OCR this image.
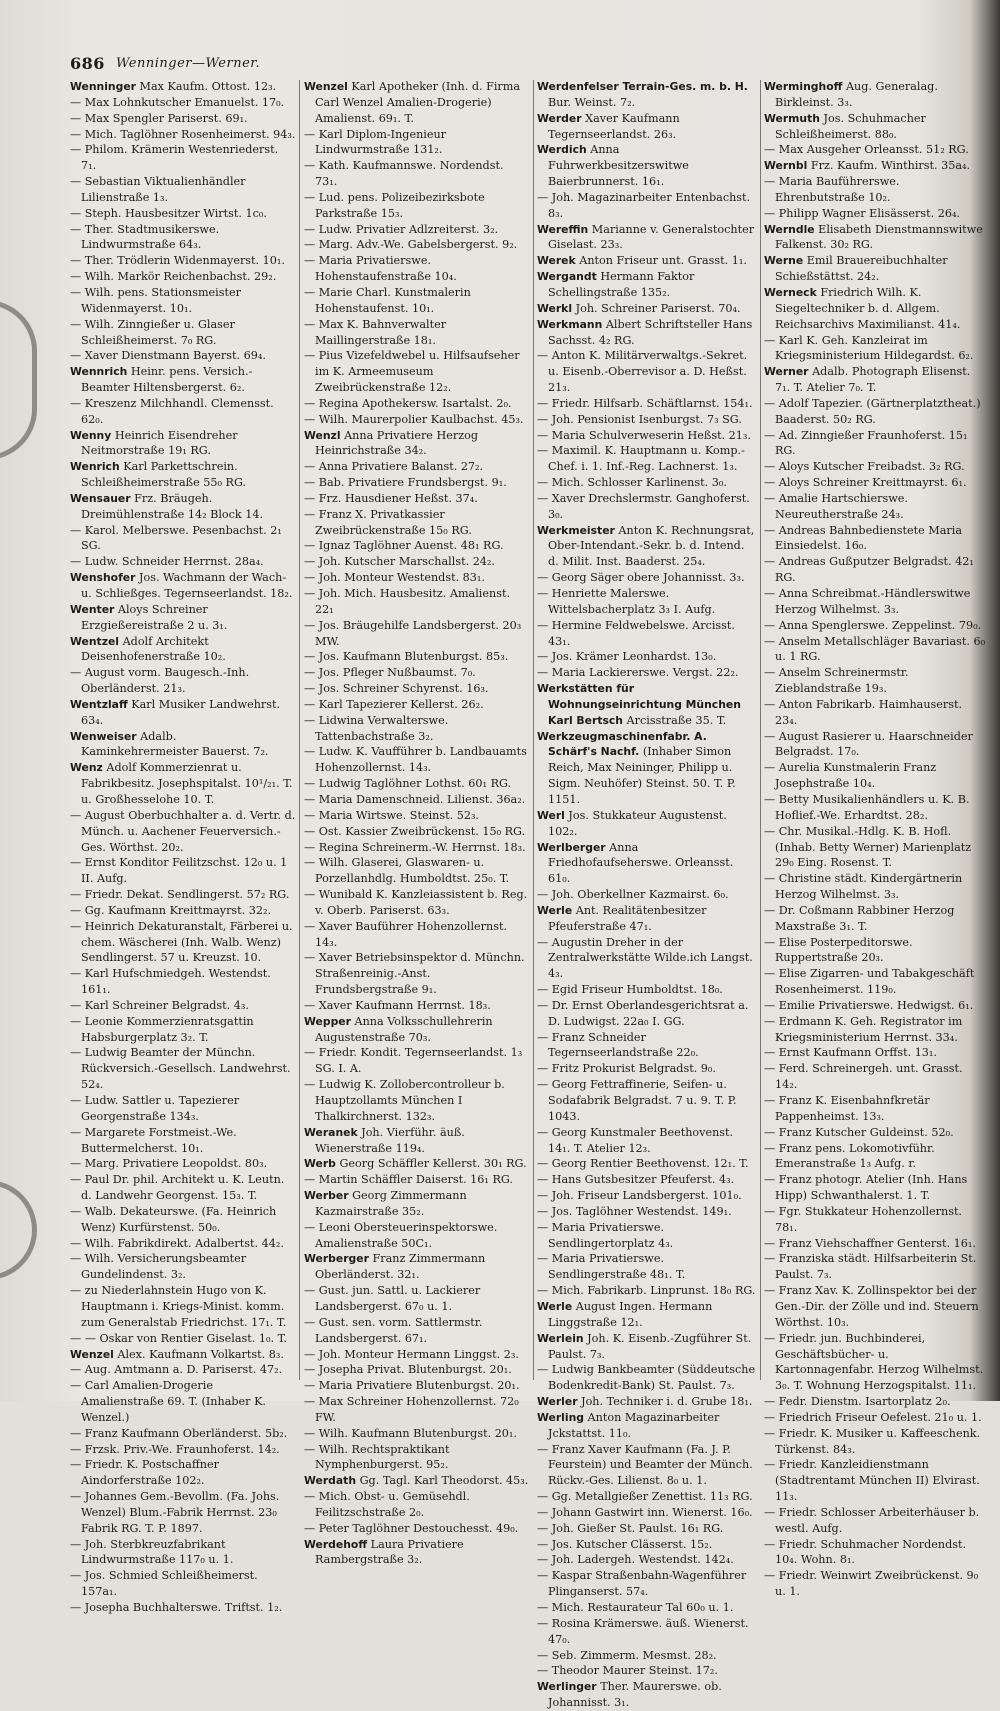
686 Wenninger—Werner.

Wenninger Max Kaufm. Ottost. 12₃.

— Max Lohnkutscher Emanuelst. 17₀.

— Max Spengler Pariserst. 69₁.

— Mich. Taglöhner Rosenheimerst. 94₃.

— Philom. Krämerin Westenriederst. 7₁.

— Sebastian Viktualienhändler Lilienstraße 1₃.

— Steph. Hausbesitzer Wirtst. 1c₀.

— Ther. Stadtmusikerswe. Lindwurmstraße 64₃.

— Ther. Trödlerin Widenmayerst. 10₁.

— Wilh. Markör Reichenbachst. 29₂.

— Wilh. pens. Stationsmeister Widenmayerst. 10₁.

— Wilh. Zinngießer u. Glaser Schleißheimerst. 7₀ RG.

— Xaver Dienstmann Bayerst. 69₄.

Wennrich Heinr. pens. Versich.-Beamter Hiltensbergerst. 6₂.

— Kreszenz Milchhandl. Clemensst. 62₀.

Wenny Heinrich Eisendreher Neitmorstraße 19₁ RG.

Wenrich Karl Parkettschrein. Schleißheimerstraße 55₀ RG.

Wensauer Frz. Bräugeh. Dreimühlenstraße 14₂ Block 14.

— Karol. Melberswe. Pesenbachst. 2₁ SG.

— Ludw. Schneider Herrnst. 28a₄.

Wenshofer Jos. Wachmann der Wach- u. Schließges. Tegernseerlandst. 18₂.

Wenter Aloys Schreiner Erzgießereistraße 2 u. 3₁.

Wentzel Adolf Architekt Deisenhofenerstraße 10₂.

— August vorm. Baugesch.-Inh. Oberländerst. 21₃.

Wentzlaff Karl Musiker Landwehrst. 63₄.

Wenweiser Adalb. Kaminkehrermeister Bauerst. 7₂.

Wenz Adolf Kommerzienrat u. Fabrikbesitz. Josephspitalst. 10¹/₂₁. T. u. Großhesselohe 10. T.

— August Oberbuchhalter a. d. Vertr. d. Münch. u. Aachener Feuerversich.-Ges. Wörthst. 20₂.

— Ernst Konditor Feilitzschst. 12₀ u. 1 II. Aufg.

— Friedr. Dekat. Sendlingerst. 57₂ RG.

— Gg. Kaufmann Kreittmayrst. 32₂.

— Heinrich Dekaturanstalt, Färberei u. chem. Wäscherei (Inh. Walb. Wenz) Sendlingerst. 57 u. Kreuzst. 10.

— Karl Hufschmiedgeh. Westendst. 161₁.

— Karl Schreiner Belgradst. 4₃.

— Leonie Kommerzienratsgattin Habsburgerplatz 3₂. T.

— Ludwig Beamter der Münchn. Rückversich.-Gesellsch. Landwehrst. 52₄.

— Ludw. Sattler u. Tapezierer Georgenstraße 134₃.

— Margarete Forstmeist.-We. Buttermelcherst. 10₁.

— Marg. Privatiere Leopoldst. 80₃.

— Paul Dr. phil. Architekt u. K. Leutn. d. Landwehr Georgenst. 15₃. T.

— Walb. Dekateurswe. (Fa. Heinrich Wenz) Kurfürstenst. 50₀.

— Wilh. Fabrikdirekt. Adalbertst. 44₂.

— Wilh. Versicherungsbeamter Gundelindenst. 3₂.

— zu Niederlahnstein Hugo von K. Hauptmann i. Kriegs-Minist. komm. zum Generalstab Friedrichst. 17₁. T.

— — Oskar von Rentier Giselast. 1₀. T.

Wenzel Alex. Kaufmann Volkartst. 8₃.

— Aug. Amtmann a. D. Pariserst. 47₂.

— Carl Amalien-Drogerie Amalienstraße 69. T. (Inhaber K. Wenzel.)

— Franz Kaufmann Oberländerst. 5b₂.

— Frzsk. Priv.-We. Fraunhoferst. 14₂.

— Friedr. K. Postschaffner Aindorferstraße 102₂.

— Johannes Gem.-Bevollm. (Fa. Johs. Wenzel) Blum.-Fabrik Herrnst. 23₀ Fabrik RG. T. P. 1897.

— Joh. Sterbkreuzfabrikant Lindwurmstraße 117₀ u. 1.

— Jos. Schmied Schleißheimerst. 157a₁.

— Josepha Buchhalterswe. Triftst. 1₂.

Wenzel Karl Apotheker (Inh. d. Firma Carl Wenzel Amalien-Drogerie) Amalienst. 69₁. T.

— Karl Diplom-Ingenieur Lindwurmstraße 131₂.

— Kath. Kaufmannswe. Nordendst. 73₁.

— Lud. pens. Polizeibezirksbote Parkstraße 15₃.

— Ludw. Privatier Adlzreiterst. 3₂.

— Marg. Adv.-We. Gabelsbergerst. 9₂.

— Maria Privatierswe. Hohenstaufenstraße 10₄.

— Marie Charl. Kunstmalerin Hohenstaufenst. 10₁.

— Max K. Bahnverwalter Maillingerstraße 18₁.

— Pius Vizefeldwebel u. Hilfsaufseher im K. Armeemuseum Zweibrückenstraße 12₂.

— Regina Apothekersw. Isartalst. 2₀.

— Wilh. Maurerpolier Kaulbachst. 45₃.

Wenzl Anna Privatiere Herzog Heinrichstraße 34₂.

— Anna Privatiere Balanst. 27₂.

— Bab. Privatiere Frundsbergst. 9₁.

— Frz. Hausdiener Heßst. 37₄.

— Franz X. Privatkassier Zweibrückenstraße 15₀ RG.

— Ignaz Taglöhner Auenst. 48₁ RG.

— Joh. Kutscher Marschallst. 24₂.

— Joh. Monteur Westendst. 83₁.

— Joh. Mich. Hausbesitz. Amalienst. 22₁

— Jos. Bräugehilfe Landsbergerst. 20₃ MW.

— Jos. Kaufmann Blutenburgst. 85₃.

— Jos. Pfleger Nußbaumst. 7₀.

— Jos. Schreiner Schyrenst. 16₃.

— Karl Tapezierer Kellerst. 26₂.

— Lidwina Verwalterswe. Tattenbachstraße 3₂.

— Ludw. K. Vaufführer b. Landbauamts Hohenzollernst. 14₃.

— Ludwig Taglöhner Lothst. 60₁ RG.

— Maria Damenschneid. Lilienst. 36a₂.

— Maria Wirtswe. Steinst. 52₃.

— Ost. Kassier Zweibrückenst. 15₀ RG.

— Regina Schreinerm.-W. Herrnst. 18₃.

— Wilh. Glaserei, Glaswaren- u. Porzellanhdlg. Humboldtst. 25₀. T.

— Wunibald K. Kanzleiassistent b. Reg. v. Oberb. Pariserst. 63₃.

— Xaver Bauführer Hohenzollernst. 14₃.

— Xaver Betriebsinspektor d. Münchn. Straßenreinig.-Anst. Frundsbergstraße 9₁.

— Xaver Kaufmann Herrnst. 18₃.

Wepper Anna Volksschullehrerin Augustenstraße 70₃.

— Friedr. Kondit. Tegernseerlandst. 1₃ SG. I. A.

— Ludwig K. Zollobercontrolleur b. Hauptzollamts München I Thalkirchnerst. 132₃.

Weranek Joh. Vierführ. äuß. Wienerstraße 119₄.

Werb Georg Schäffler Kellerst. 30₁ RG.

— Martin Schäffler Daiserst. 16₁ RG.

Werber Georg Zimmermann Kazmairstraße 35₂.

— Leoni Obersteuerinspektorswe. Amalienstraße 50C₁.

Werberger Franz Zimmermann Oberländerst. 32₁.

— Gust. jun. Sattl. u. Lackierer Landsbergerst. 67₀ u. 1.

— Gust. sen. vorm. Sattlermstr. Landsbergerst. 67₁.

— Joh. Monteur Hermann Linggst. 2₃.

— Josepha Privat. Blutenburgst. 20₁.

— Maria Privatiere Blutenburgst. 20₁.

— Max Schreiner Hohenzollernst. 72₀ FW.

— Wilh. Kaufmann Blutenburgst. 20₁.

— Wilh. Rechtspraktikant Nymphenburgerst. 95₂.

Werdath Gg. Tagl. Karl Theodorst. 45₃.

— Mich. Obst- u. Gemüsehdl. Feilitzschstraße 2₀.

— Peter Taglöhner Destouchesst. 49₀.

Werdehoff Laura Privatiere Rambergstraße 3₂.

Werdenfelser Terrain-Ges. m. b. H. Bur. Weinst. 7₂.

Werder Xaver Kaufmann Tegernseerlandst. 26₃.

Werdich Anna Fuhrwerkbesitzerswitwe Baierbrunnerst. 16₁.

— Joh. Magazinarbeiter Entenbachst. 8₃.

Wereffin Marianne v. Generalstochter Giselast. 23₃.

Werek Anton Friseur unt. Grasst. 1₁.

Wergandt Hermann Faktor Schellingstraße 135₂.

Werkl Joh. Schreiner Pariserst. 70₄.

Werkmann Albert Schriftsteller Hans Sachsst. 4₂ RG.

— Anton K. Militärverwaltgs.-Sekret. u. Eisenb.-Oberrevisor a. D. Heßst. 21₃.

— Friedr. Hilfsarb. Schäftlarnst. 154₁.

— Joh. Pensionist Isenburgst. 7₃ SG.

— Maria Schulverweserin Heßst. 21₃.

— Maximil. K. Hauptmann u. Komp.-Chef. i. 1. Inf.-Reg. Lachnerst. 1₃.

— Mich. Schlosser Karlinenst. 3₀.

— Xaver Drechslermstr. Ganghoferst. 3₀.

Werkmeister Anton K. Rechnungsrat, Ober-Intendant.-Sekr. b. d. Intend. d. Milit. Inst. Baaderst. 25₄.

— Georg Säger obere Johannisst. 3₃.

— Henriette Malerswe. Wittelsbacherplatz 3₃ I. Aufg.

— Hermine Feldwebelswe. Arcisst. 43₁.

— Jos. Krämer Leonhardst. 13₀.

— Maria Lackiererswe. Vergst. 22₂.

Werkstätten für Wohnungseinrichtung München Karl Bertsch Arcisstraße 35. T.

Werkzeugmaschinenfabr. A. Schärf's Nachf. (Inhaber Simon Reich, Max Neininger, Philipp u. Sigm. Neuhöfer) Steinst. 50. T. P. 1151.

Werl Jos. Stukkateur Augustenst. 102₂.

Werlberger Anna Friedhofaufseherswe. Orleansst. 61₀.

— Joh. Oberkellner Kazmairst. 6₀.

Werle Ant. Realitätenbesitzer Pfeuferstraße 47₁.

— Augustin Dreher in der Zentralwerkstätte Wilde.ich Langst. 4₃.

— Egid Friseur Humboldtst. 18₀.

— Dr. Ernst Oberlandesgerichtsrat a. D. Ludwigst. 22a₀ I. GG.

— Franz Schneider Tegernseerlandstraße 22₀.

— Fritz Prokurist Belgradst. 9₀.

— Georg Fettraffinerie, Seifen- u. Sodafabrik Belgradst. 7 u. 9. T. P. 1043.

— Georg Kunstmaler Beethovenst. 14₁. T. Atelier 12₃.

— Georg Rentier Beethovenst. 12₁. T.

— Hans Gutsbesitzer Pfeuferst. 4₃.

— Joh. Friseur Landsbergerst. 101₀.

— Jos. Taglöhner Westendst. 149₁.

— Maria Privatierswe. Sendlingertorplatz 4₃.

— Maria Privatierswe. Sendlingerstraße 48₁. T.

— Mich. Fabrikarb. Linprunst. 18₀ RG.

Werle August Ingen. Hermann Linggstraße 12₁.

Werlein Joh. K. Eisenb.-Zugführer St. Paulst. 7₃.

— Ludwig Bankbeamter (Süddeutsche Bodenkredit-Bank) St. Paulst. 7₃.

Werler Joh. Techniker i. d. Grube 18₁.

Werling Anton Magazinarbeiter Jckstattst. 11₀.

— Franz Xaver Kaufmann (Fa. J. P. Feurstein) und Beamter der Münch. Rückv.-Ges. Lilienst. 8₀ u. 1.

— Gg. Metallgießer Zenettist. 11₃ RG.

— Johann Gastwirt inn. Wienerst. 16₀.

— Joh. Gießer St. Paulst. 16₁ RG.

— Jos. Kutscher Clässerst. 15₂.

— Joh. Ladergeh. Westendst. 142₄.

— Kaspar Straßenbahn-Wagenführer Plinganserst. 57₄.

— Mich. Restaurateur Tal 60₀ u. 1.

— Rosina Krämerswe. äuß. Wienerst. 47₀.

— Seb. Zimmerm. Mesmst. 28₂.

— Theodor Maurer Steinst. 17₂.

Werlinger Ther. Maurerswe. ob. Johannisst. 3₁.

Werminghoff Aug. Generalag. Birkleinst. 3₃.

Wermuth Jos. Schuhmacher Schleißheimerst. 88₀.

— Max Ausgeher Orleansst. 51₂ RG.

Wernbl Frz. Kaufm. Winthirst. 35a₄.

— Maria Bauführerswe. Ehrenbutstraße 10₂.

— Philipp Wagner Elisässerst. 26₄.

Werndle Elisabeth Dienstmannswitwe Falkenst. 30₂ RG.

Werne Emil Brauereibuchhalter Schießstättst. 24₂.

Werneck Friedrich Wilh. K. Siegeltechniker b. d. Allgem. Reichsarchivs Maximilianst. 41₄.

— Karl K. Geh. Kanzleirat im Kriegsministerium Hildegardst. 6₂.

Werner Adalb. Photograph Elisenst. 7₁. T. Atelier 7₀. T.

— Adolf Tapezier. (Gärtnerplatztheat.) Baaderst. 50₂ RG.

— Ad. Zinngießer Fraunhoferst. 15₁ RG.

— Aloys Kutscher Freibadst. 3₂ RG.

— Aloys Schreiner Kreittmayrst. 6₁.

— Amalie Hartschierswe. Neureutherstraße 24₃.

— Andreas Bahnbedienstete Maria Einsiedelst. 16₀.

— Andreas Gußputzer Belgradst. 42₁ RG.

— Anna Schreibmat.-Händlerswitwe Herzog Wilhelmst. 3₃.

— Anna Spenglerswe. Zeppelinst. 79₀.

— Anselm Metallschläger Bavariast. 6₀ u. 1 RG.

— Anselm Schreinermstr. Zieblandstraße 19₃.

— Anton Fabrikarb. Haimhauserst. 23₄.

— August Rasierer u. Haarschneider Belgradst. 17₀.

— Aurelia Kunstmalerin Franz Josephstraße 10₄.

— Betty Musikalienhändlers u. K. B. Hoflief.-We. Erhardtst. 28₂.

— Chr. Musikal.-Hdlg. K. B. Hofl. (Inhab. Betty Werner) Marienplatz 29₀ Eing. Rosenst. T.

— Christine städt. Kindergärtnerin Herzog Wilhelmst. 3₃.

— Dr. Coßmann Rabbiner Herzog Maxstraße 3₁. T.

— Elise Posterpeditorswe. Ruppertstraße 20₃.

— Elise Zigarren- und Tabakgeschäft Rosenheimerst. 119₀.

— Emilie Privatierswe. Hedwigst. 6₁.

— Erdmann K. Geh. Registrator im Kriegsministerium Herrnst. 33₄.

— Ernst Kaufmann Orffst. 13₁.

— Ferd. Schreinergeh. unt. Grasst. 14₂.

— Franz K. Eisenbahnfkretär Pappenheimst. 13₃.

— Franz Kutscher Guldeinst. 52₀.

— Franz pens. Lokomotivführ. Emeranstraße 1₃ Aufg. r.

— Franz photogr. Atelier (Inh. Hans Hipp) Schwanthalerst. 1. T.

— Fgr. Stukkateur Hohenzollernst. 78₁.

— Franz Viehschaffner Genterst. 16₁.

— Franziska städt. Hilfsarbeiterin St. Paulst. 7₃.

— Franz Xav. K. Zollinspektor bei der Gen.-Dir. der Zölle und ind. Steuern Wörthst. 10₃.

— Friedr. jun. Buchbinderei, Geschäftsbücher- u. Kartonnagenfabr. Herzog Wilhelmst. 3₀. T. Wohnung Herzogspitalst. 11₁.

— Fedr. Dienstm. Isartorplatz 2₀.

— Friedrich Friseur Oefelest. 21₀ u. 1.

— Friedr. K. Musiker u. Kaffeeschenk. Türkenst. 84₃.

— Friedr. Kanzleidienstmann (Stadtrentamt München II) Elvirast. 11₃.

— Friedr. Schlosser Arbeiterhäuser b. westl. Aufg.

— Friedr. Schuhmacher Nordendst. 10₄. Wohn. 8₁.

— Friedr. Weinwirt Zweibrückenst. 9₀ u. 1.
